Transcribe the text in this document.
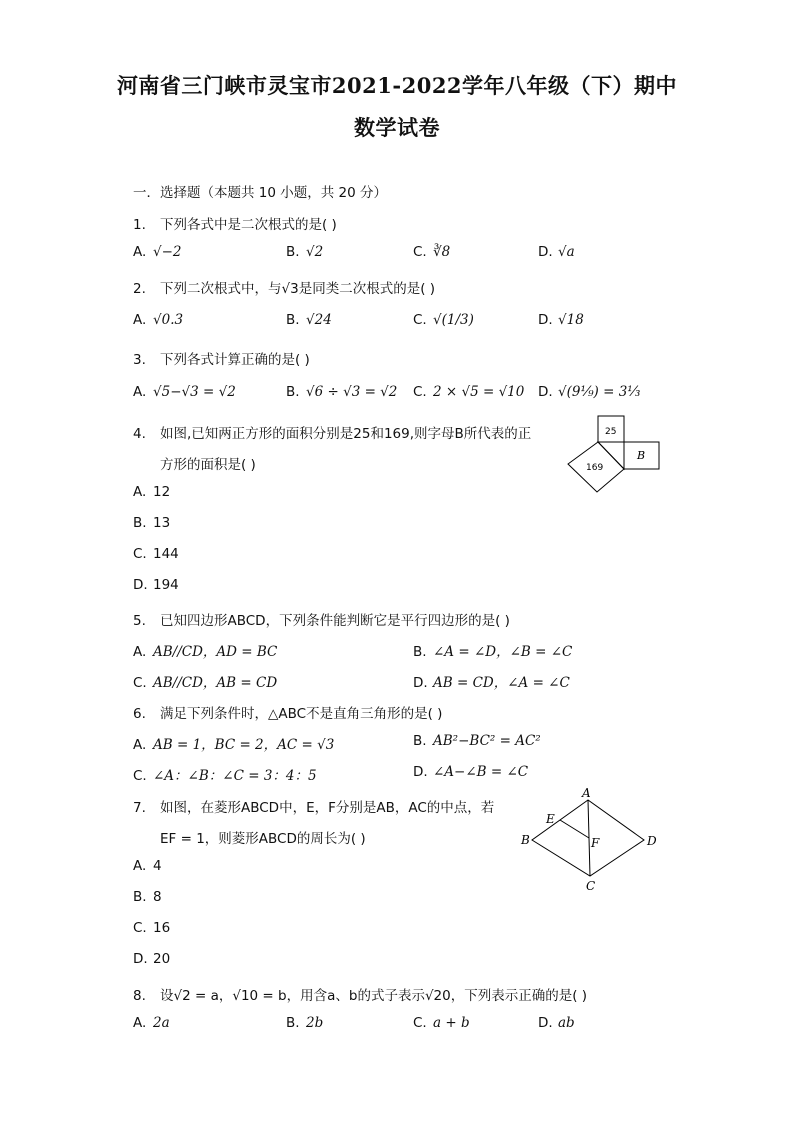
河南省三门峡市灵宝市2021-2022学年八年级（下）期中
数学试卷
一．选择题（本题共 10 小题，共 20 分）
1. 下列各式中是二次根式的是( )
A. √−2	B. √2	C. ∛8	D. √a
2. 下列二次根式中，与√3是同类二次根式的是( )
A. √0.3	B. √24	C. √(1/3)	D. √18
3. 下列各式计算正确的是( )
A. √5−√3 = √2	B. √6 ÷ √3 = √2 C. 2 × √5 = √10 D. √(9⅑) = 3⅓
4. 如图,已知两正方形的面积分别是25和169,则字母B所代表的正
方形的面积是( )
A. 12
B. 13
C. 144
D. 194
25
169
B
5. 已知四边形ABCD，下列条件能判断它是平行四边形的是( )
A. AB//CD，AD = BC	B. ∠A = ∠D，∠B = ∠C
C. AB//CD，AB = CD	D. AB = CD，∠A = ∠C
6. 满足下列条件时，△ABC不是直角三角形的是( )
A. AB = 1，BC = 2，AC = √3	B. AB²−BC² = AC²
C. ∠A：∠B：∠C = 3：4：5	D. ∠A−∠B = ∠C
7. 如图，在菱形ABCD中，E，F分别是AB，AC的中点，若
EF = 1，则菱形ABCD的周长为( )
A. 4
B. 8
C. 16
D. 20
A
B
C
D
E
F
8. 设√2 = a，√10 = b，用含a、b的式子表示√20，下列表示正确的是( )
A. 2a	B. 2b	C. a + b	D. ab
